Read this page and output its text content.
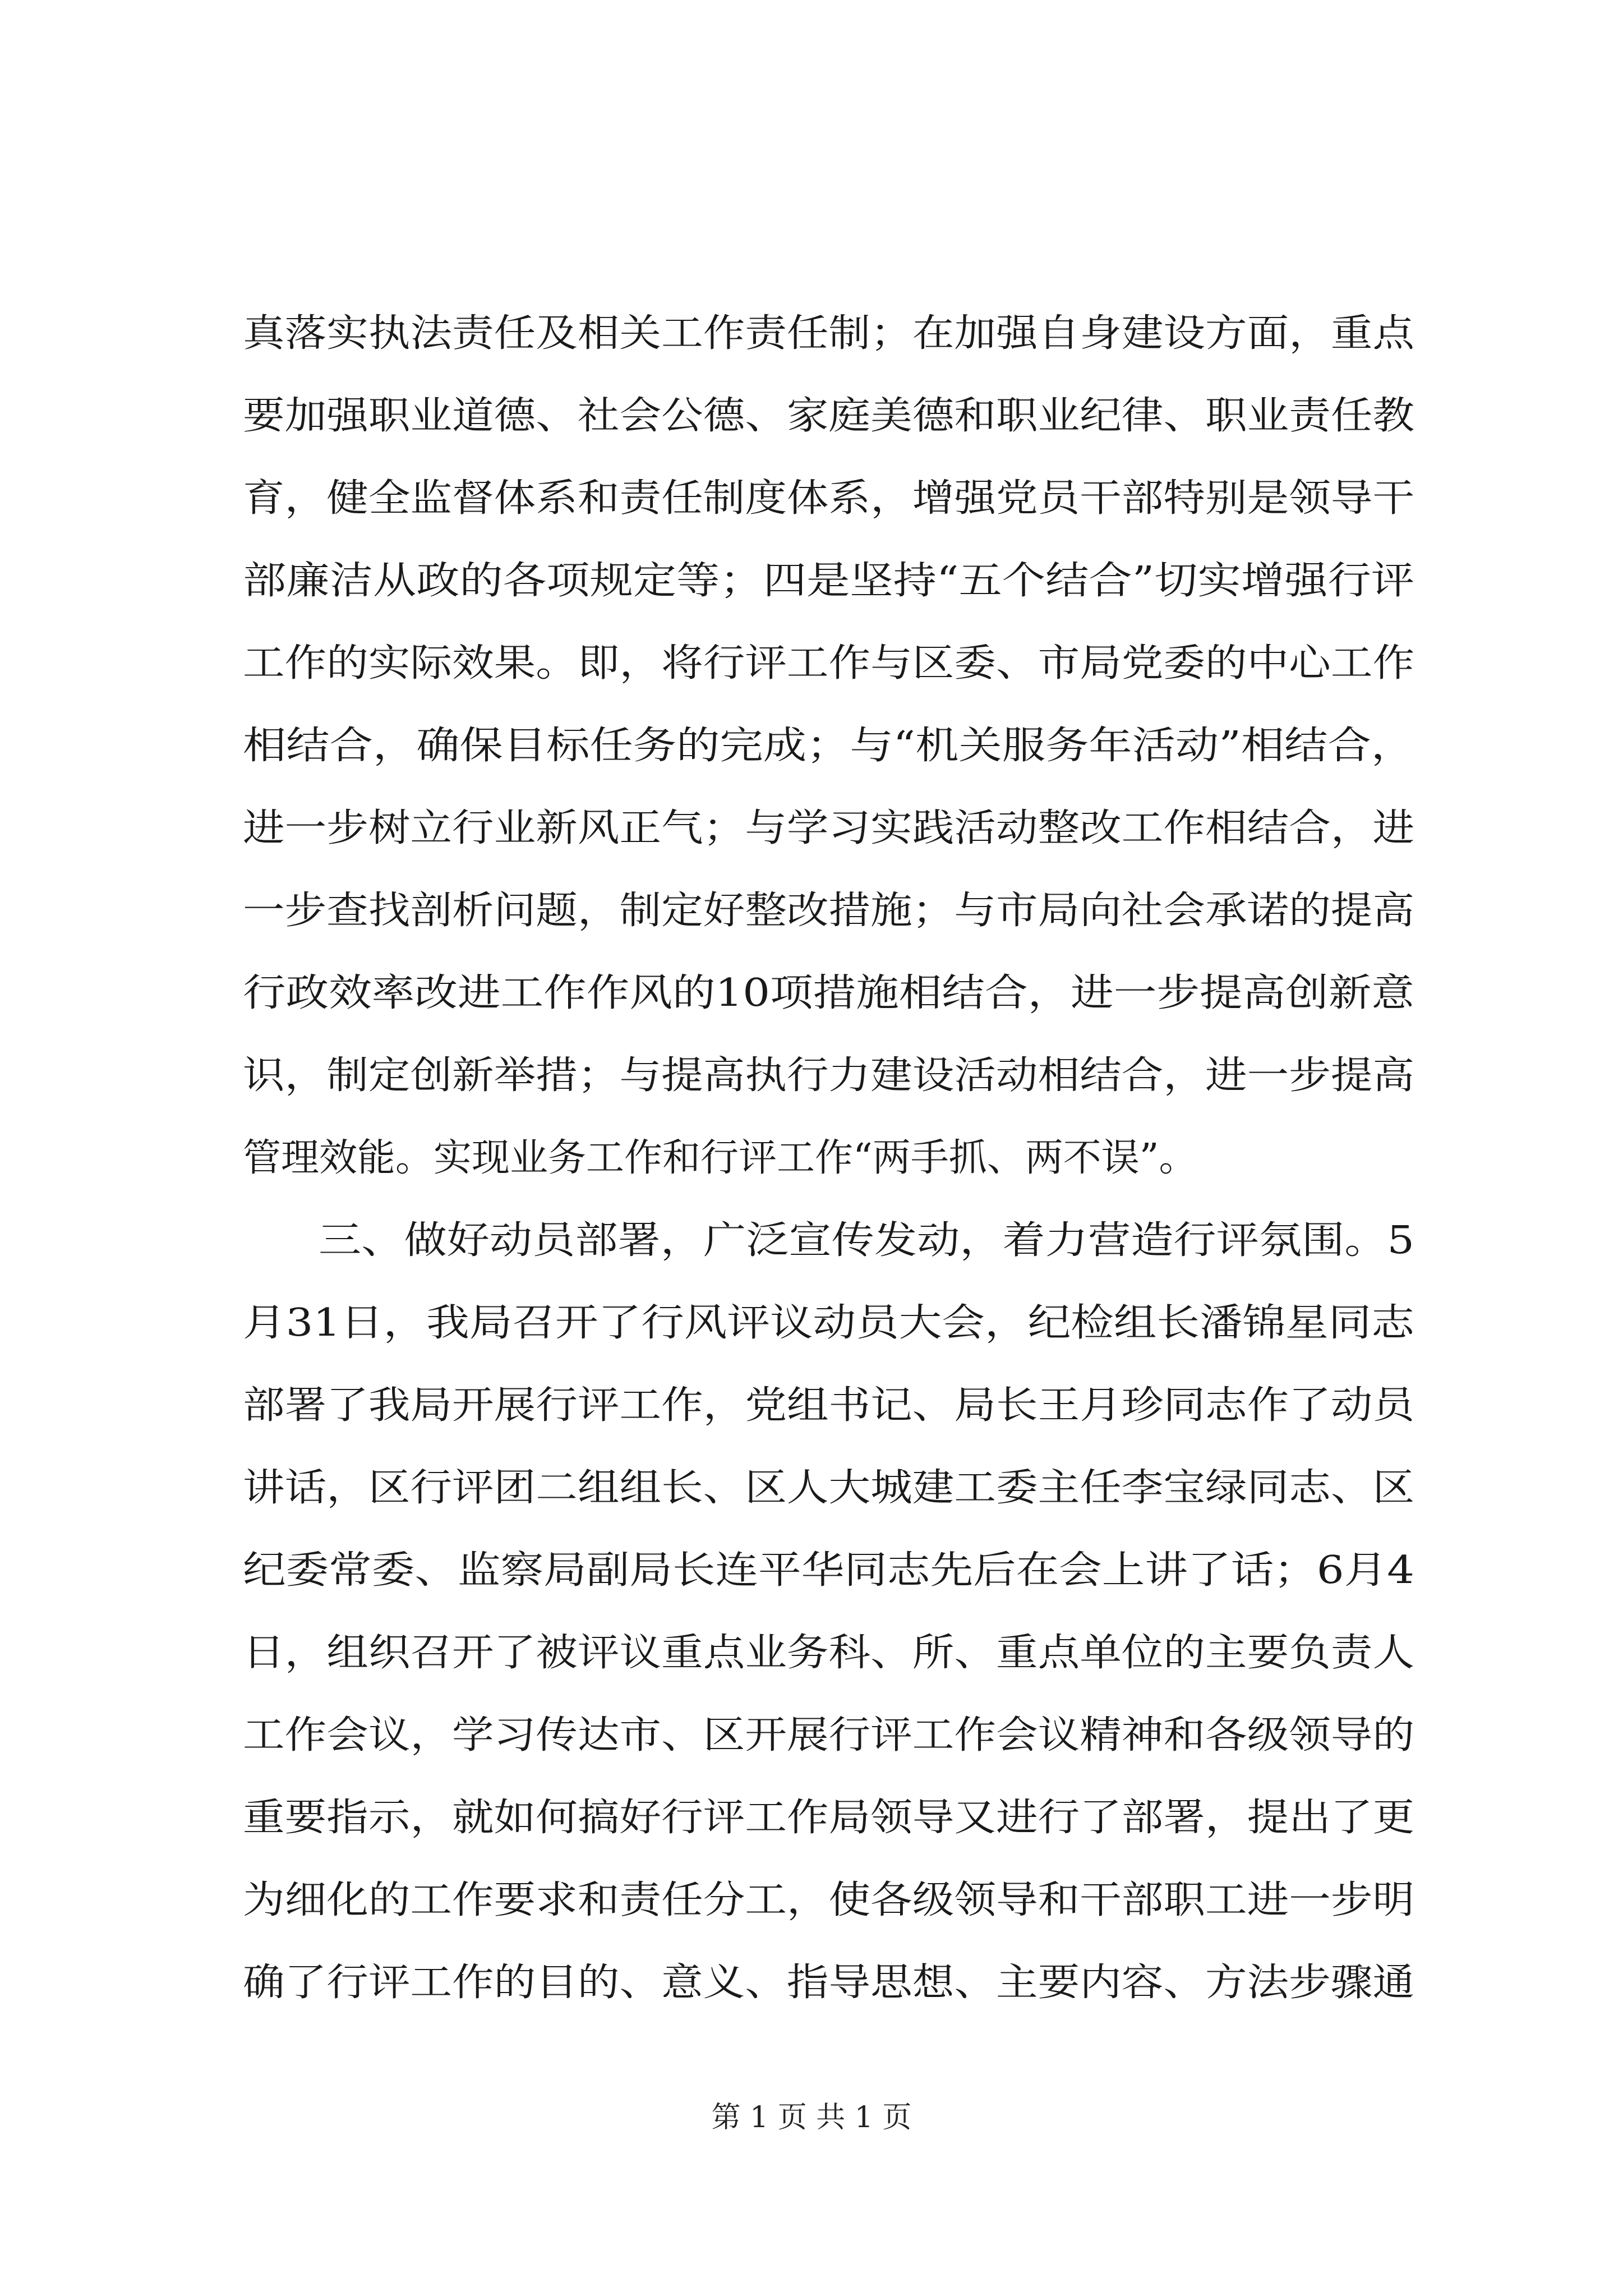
真落实执法责任及相关工作责任制；在加强自身建设方面，重点
要加强职业道德、社会公德、家庭美德和职业纪律、职业责任教
育，健全监督体系和责任制度体系，增强党员干部特别是领导干
部廉洁从政的各项规定等；四是坚持“五个结合”切实增强行评
工作的实际效果。即，将行评工作与区委、市局党委的中心工作
相结合，确保目标任务的完成；与“机关服务年活动”相结合，
进一步树立行业新风正气；与学习实践活动整改工作相结合，进
一步查找剖析问题，制定好整改措施；与市局向社会承诺的提高
行政效率改进工作作风的10项措施相结合，进一步提高创新意
识，制定创新举措；与提高执行力建设活动相结合，进一步提高
管理效能。实现业务工作和行评工作“两手抓、两不误”。
三、做好动员部署，广泛宣传发动，着力营造行评氛围。5
月31日，我局召开了行风评议动员大会，纪检组长潘锦星同志
部署了我局开展行评工作，党组书记、局长王月珍同志作了动员
讲话，区行评团二组组长、区人大城建工委主任李宝绿同志、区
纪委常委、监察局副局长连平华同志先后在会上讲了话；6月4
日，组织召开了被评议重点业务科、所、重点单位的主要负责人
工作会议，学习传达市、区开展行评工作会议精神和各级领导的
重要指示，就如何搞好行评工作局领导又进行了部署，提出了更
为细化的工作要求和责任分工，使各级领导和干部职工进一步明
确了行评工作的目的、意义、指导思想、主要内容、方法步骤通
第 1 页 共 1 页
